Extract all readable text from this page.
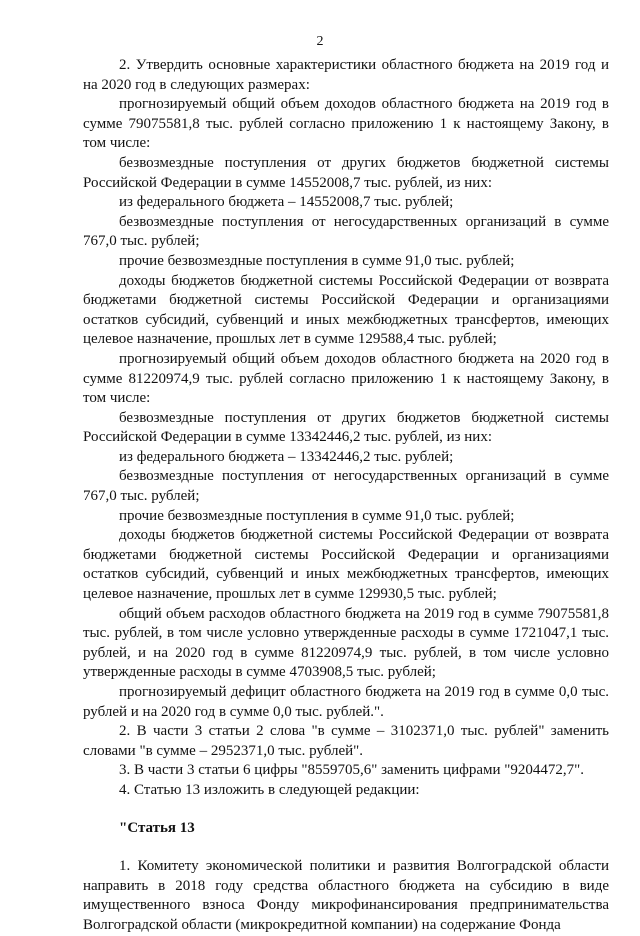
2

2. Утвердить основные характеристики областного бюджета на 2019 год и на 2020 год в следующих размерах:

прогнозируемый общий объем доходов областного бюджета на 2019 год в сумме 79075581,8 тыс. рублей согласно приложению 1 к настоящему Закону, в том числе:

безвозмездные поступления от других бюджетов бюджетной системы Российской Федерации в сумме 14552008,7 тыс. рублей, из них:

из федерального бюджета – 14552008,7 тыс. рублей;

безвозмездные поступления от негосударственных организаций в сумме 767,0 тыс. рублей;

прочие безвозмездные поступления в сумме 91,0 тыс. рублей;

доходы бюджетов бюджетной системы Российской Федерации от возврата бюджетами бюджетной системы Российской Федерации и организациями остатков субсидий, субвенций и иных межбюджетных трансфертов, имеющих целевое назначение, прошлых лет в сумме 129588,4 тыс. рублей;

прогнозируемый общий объем доходов областного бюджета на 2020 год в сумме 81220974,9 тыс. рублей согласно приложению 1 к настоящему Закону, в том числе:

безвозмездные поступления от других бюджетов бюджетной системы Российской Федерации в сумме 13342446,2 тыс. рублей, из них:

из федерального бюджета – 13342446,2 тыс. рублей;

безвозмездные поступления от негосударственных организаций в сумме 767,0 тыс. рублей;

прочие безвозмездные поступления в сумме 91,0 тыс. рублей;

доходы бюджетов бюджетной системы Российской Федерации от возврата бюджетами бюджетной системы Российской Федерации и организациями остатков субсидий, субвенций и иных межбюджетных трансфертов, имеющих целевое назначение, прошлых лет в сумме 129930,5 тыс. рублей;

общий объем расходов областного бюджета на 2019 год в сумме 79075581,8 тыс. рублей, в том числе условно утвержденные расходы в сумме 1721047,1 тыс. рублей, и на 2020 год в сумме 81220974,9 тыс. рублей, в том числе условно утвержденные расходы в сумме 4703908,5 тыс. рублей;

прогнозируемый дефицит областного бюджета на 2019 год в сумме 0,0 тыс. рублей и на 2020 год в сумме 0,0 тыс. рублей.".

2. В части 3 статьи 2 слова "в сумме – 3102371,0 тыс. рублей" заменить словами "в сумме – 2952371,0 тыс. рублей".

3. В части 3 статьи 6 цифры "8559705,6" заменить цифрами "9204472,7".

4. Статью 13 изложить в следующей редакции:

"Статья 13

1. Комитету экономической политики и развития Волгоградской области направить в 2018 году средства областного бюджета на субсидию в виде имущественного взноса Фонду микрофинансирования предпринимательства Волгоградской области (микрокредитной компании) на содержание Фонда
